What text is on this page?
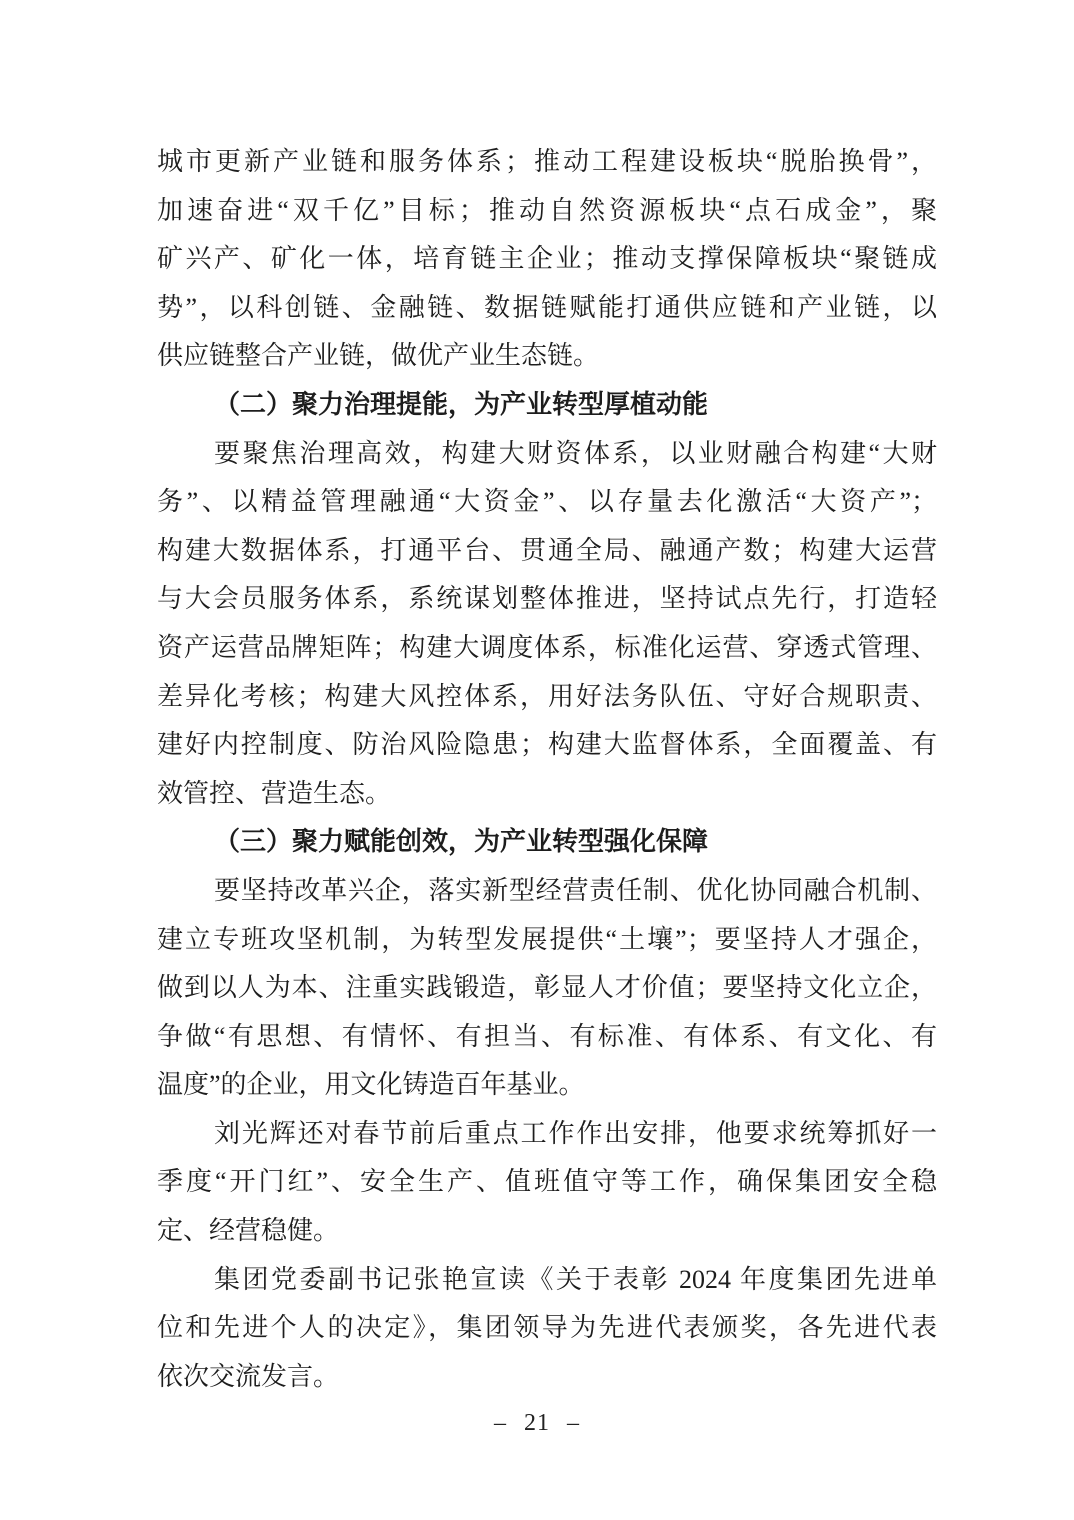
城市更新产业链和服务体系；推动工程建设板块“脱胎换骨”，
加速奋进“双千亿”目标；推动自然资源板块“点石成金”，聚
矿兴产、矿化一体，培育链主企业；推动支撑保障板块“聚链成
势”，以科创链、金融链、数据链赋能打通供应链和产业链，以
供应链整合产业链，做优产业生态链。
（二）聚力治理提能，为产业转型厚植动能
要聚焦治理高效，构建大财资体系，以业财融合构建“大财
务”、以精益管理融通“大资金”、以存量去化激活“大资产”；
构建大数据体系，打通平台、贯通全局、融通产数；构建大运营
与大会员服务体系，系统谋划整体推进，坚持试点先行，打造轻
资产运营品牌矩阵；构建大调度体系，标准化运营、穿透式管理、
差异化考核；构建大风控体系，用好法务队伍、守好合规职责、
建好内控制度、防治风险隐患；构建大监督体系，全面覆盖、有
效管控、营造生态。
（三）聚力赋能创效，为产业转型强化保障
要坚持改革兴企，落实新型经营责任制、优化协同融合机制、
建立专班攻坚机制，为转型发展提供“土壤”；要坚持人才强企，
做到以人为本、注重实践锻造，彰显人才价值；要坚持文化立企，
争做“有思想、有情怀、有担当、有标准、有体系、有文化、有
温度”的企业，用文化铸造百年基业。
刘光辉还对春节前后重点工作作出安排，他要求统筹抓好一
季度“开门红”、安全生产、值班值守等工作，确保集团安全稳
定、经营稳健。
集团党委副书记张艳宣读《关于表彰 2024 年度集团先进单
位和先进个人的决定》，集团领导为先进代表颁奖，各先进代表
依次交流发言。
– 21 –
